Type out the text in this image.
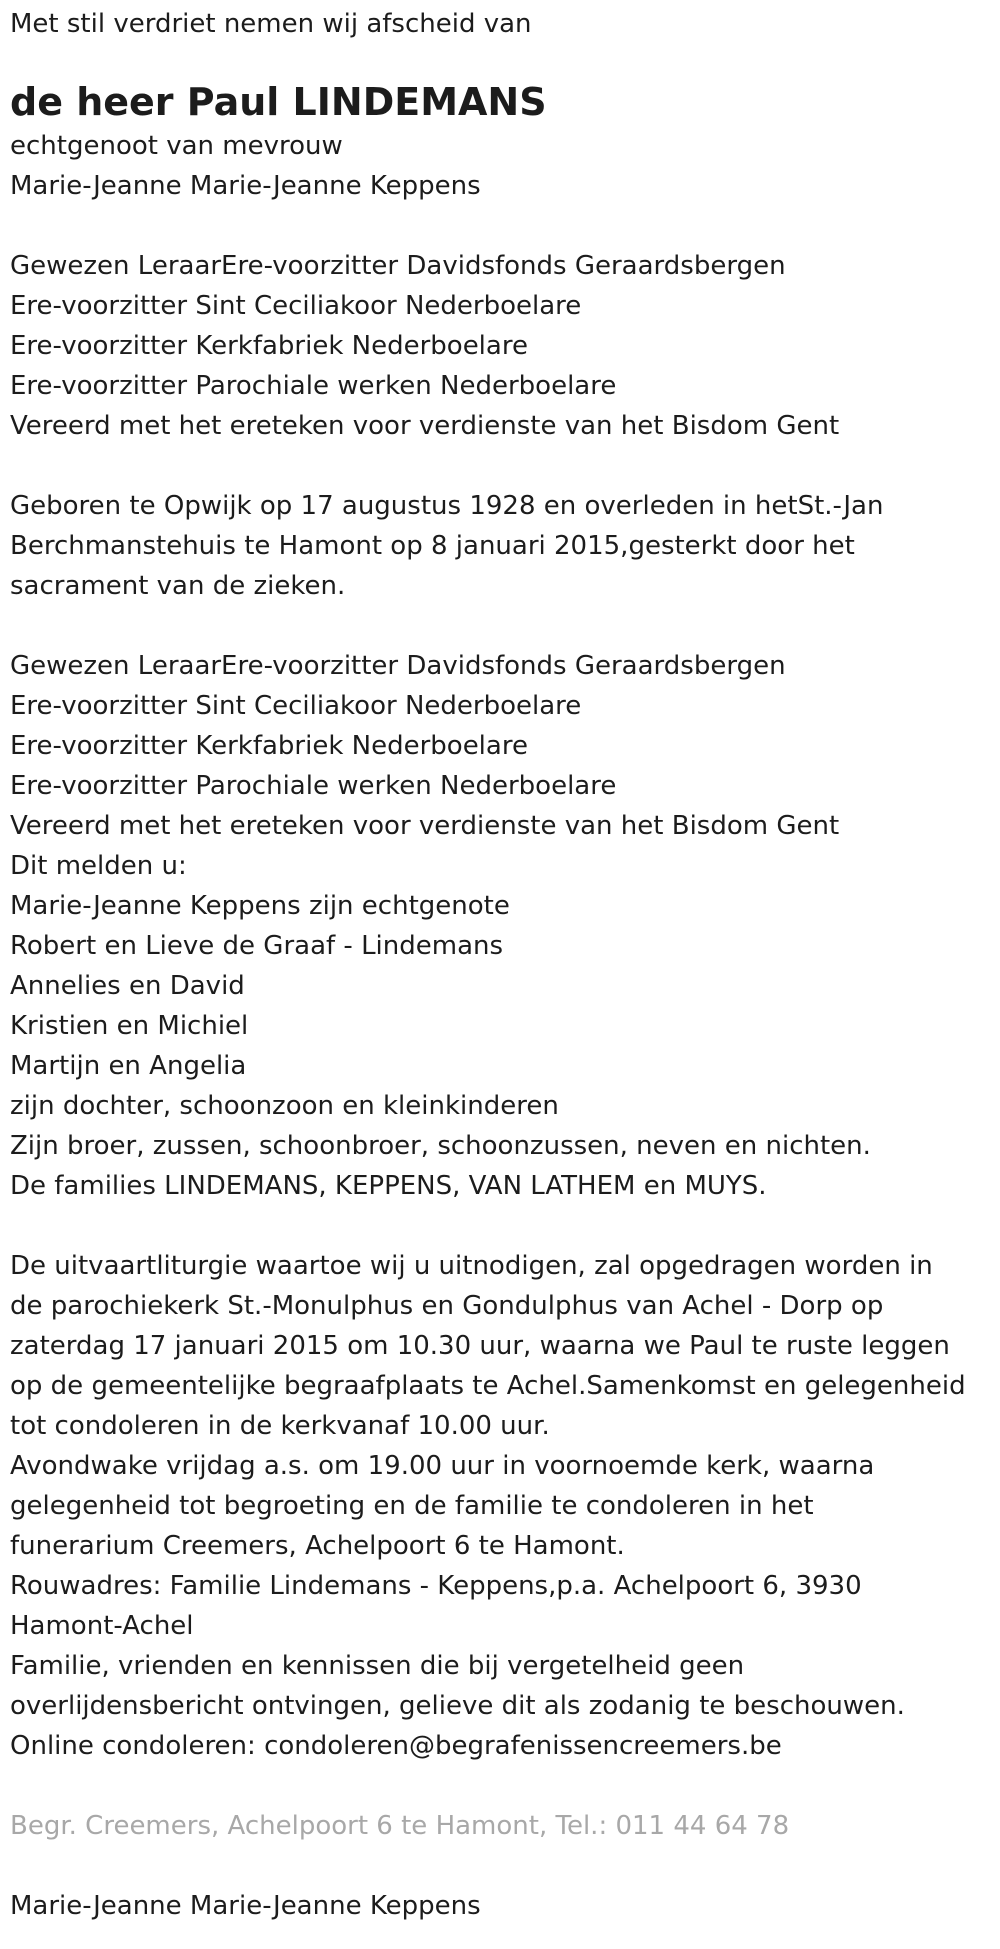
Met stil verdriet nemen wij afscheid van

de heer Paul LINDEMANS

echtgenoot van mevrouw

Marie-Jeanne Marie-Jeanne Keppens

Gewezen LeraarEre-voorzitter Davidsfonds Geraardsbergen

Ere-voorzitter Sint Ceciliakoor Nederboelare

Ere-voorzitter Kerkfabriek Nederboelare

Ere-voorzitter Parochiale werken Nederboelare

Vereerd met het ereteken voor verdienste van het Bisdom Gent

Geboren te Opwijk op 17 augustus 1928 en overleden in hetSt.-Jan

Berchmanstehuis te Hamont op 8 januari 2015,gesterkt door het

sacrament van de zieken.

Gewezen LeraarEre-voorzitter Davidsfonds Geraardsbergen

Ere-voorzitter Sint Ceciliakoor Nederboelare

Ere-voorzitter Kerkfabriek Nederboelare

Ere-voorzitter Parochiale werken Nederboelare

Vereerd met het ereteken voor verdienste van het Bisdom Gent

Dit melden u:

Marie-Jeanne Keppens zijn echtgenote

Robert en Lieve de Graaf - Lindemans

Annelies en David

Kristien en Michiel

Martijn en Angelia

zijn dochter, schoonzoon en kleinkinderen

Zijn broer, zussen, schoonbroer, schoonzussen, neven en nichten.

De families LINDEMANS, KEPPENS, VAN LATHEM en MUYS.

De uitvaartliturgie waartoe wij u uitnodigen, zal opgedragen worden in

de parochiekerk St.-Monulphus en Gondulphus van Achel - Dorp op

zaterdag 17 januari 2015 om 10.30 uur, waarna we Paul te ruste leggen

op de gemeentelijke begraafplaats te Achel.Samenkomst en gelegenheid

tot condoleren in de kerkvanaf 10.00 uur.

Avondwake vrijdag a.s. om 19.00 uur in voornoemde kerk, waarna

gelegenheid tot begroeting en de familie te condoleren in het

funerarium Creemers, Achelpoort 6 te Hamont.

Rouwadres: Familie Lindemans - Keppens,p.a. Achelpoort 6, 3930

Hamont-Achel

Familie, vrienden en kennissen die bij vergetelheid geen

overlijdensbericht ontvingen, gelieve dit als zodanig te beschouwen.

Online condoleren: condoleren@begrafenissencreemers.be

Begr. Creemers, Achelpoort 6 te Hamont, Tel.: 011 44 64 78

Marie-Jeanne Marie-Jeanne Keppens
